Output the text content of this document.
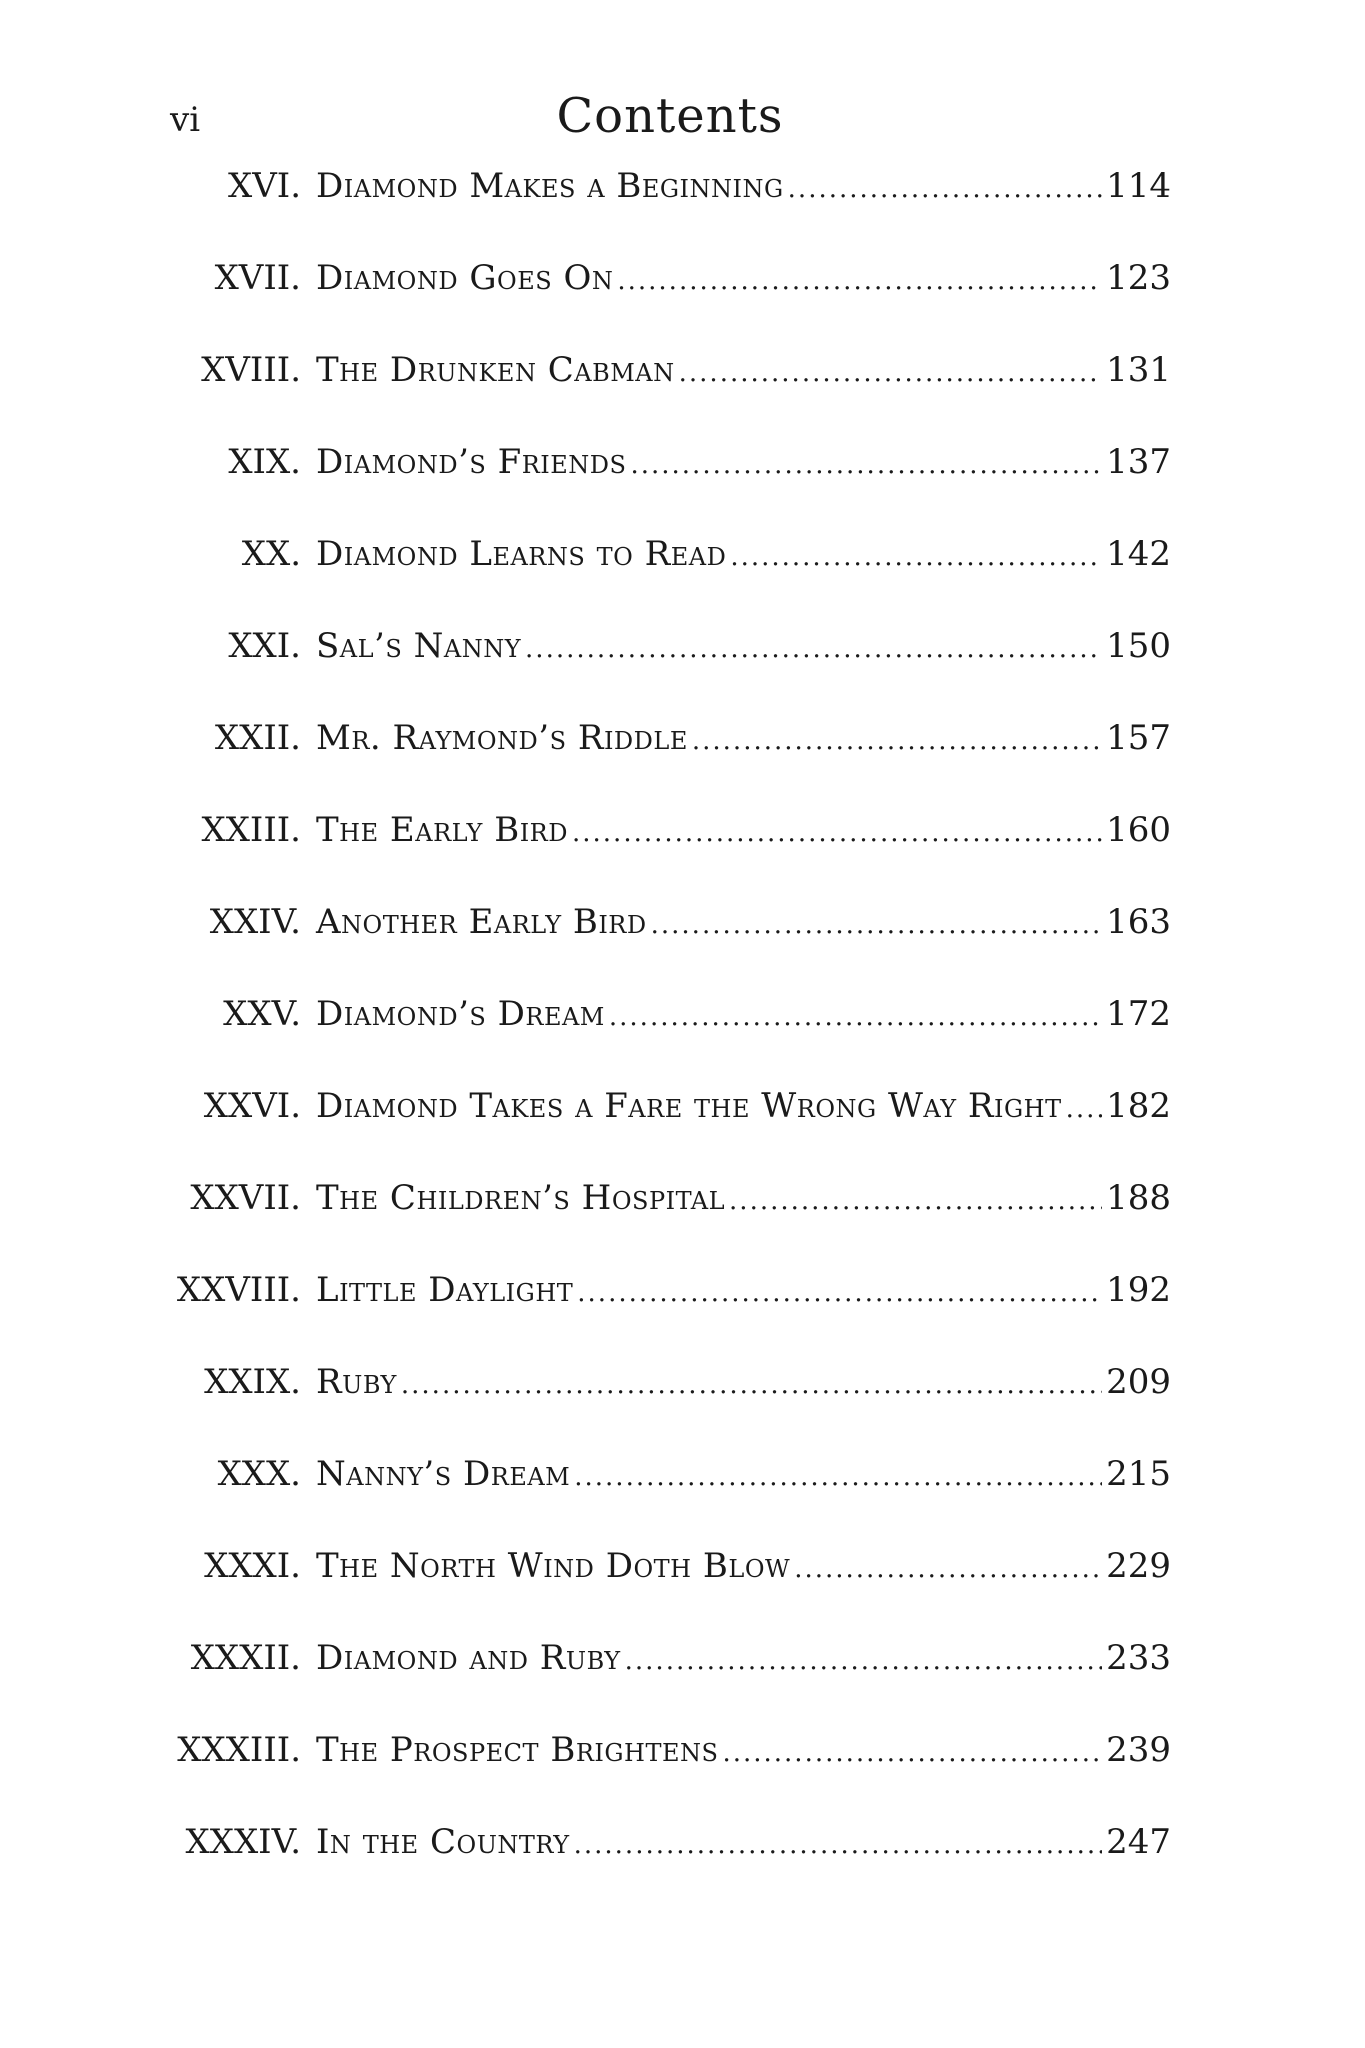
vi	Contents
XVI. Diamond Makes a Beginning .....	114
XVII. Diamond Goes On .....	123
XVIII. The Drunken Cabman .....	131
XIX. Diamond’s Friends .....	137
XX. Diamond Learns to Read .....	142
XXI. Sal’s Nanny .....	150
XXII. Mr. Raymond’s Riddle .....	157
XXIII. The Early Bird .....	160
XXIV. Another Early Bird .....	163
XXV. Diamond’s Dream .....	172
XXVI. Diamond Takes a Fare the Wrong Way Right ..... 182
XXVII. The Children’s Hospital .....	188
XXVIII. Little Daylight .....	192
XXIX. Ruby .....	209
XXX. Nanny’s Dream .....	215
XXXI. The North Wind Doth Blow .....	229
XXXII. Diamond and Ruby .....	233
XXXIII. The Prospect Brightens .....	239
XXXIV. In the Country .....	247
